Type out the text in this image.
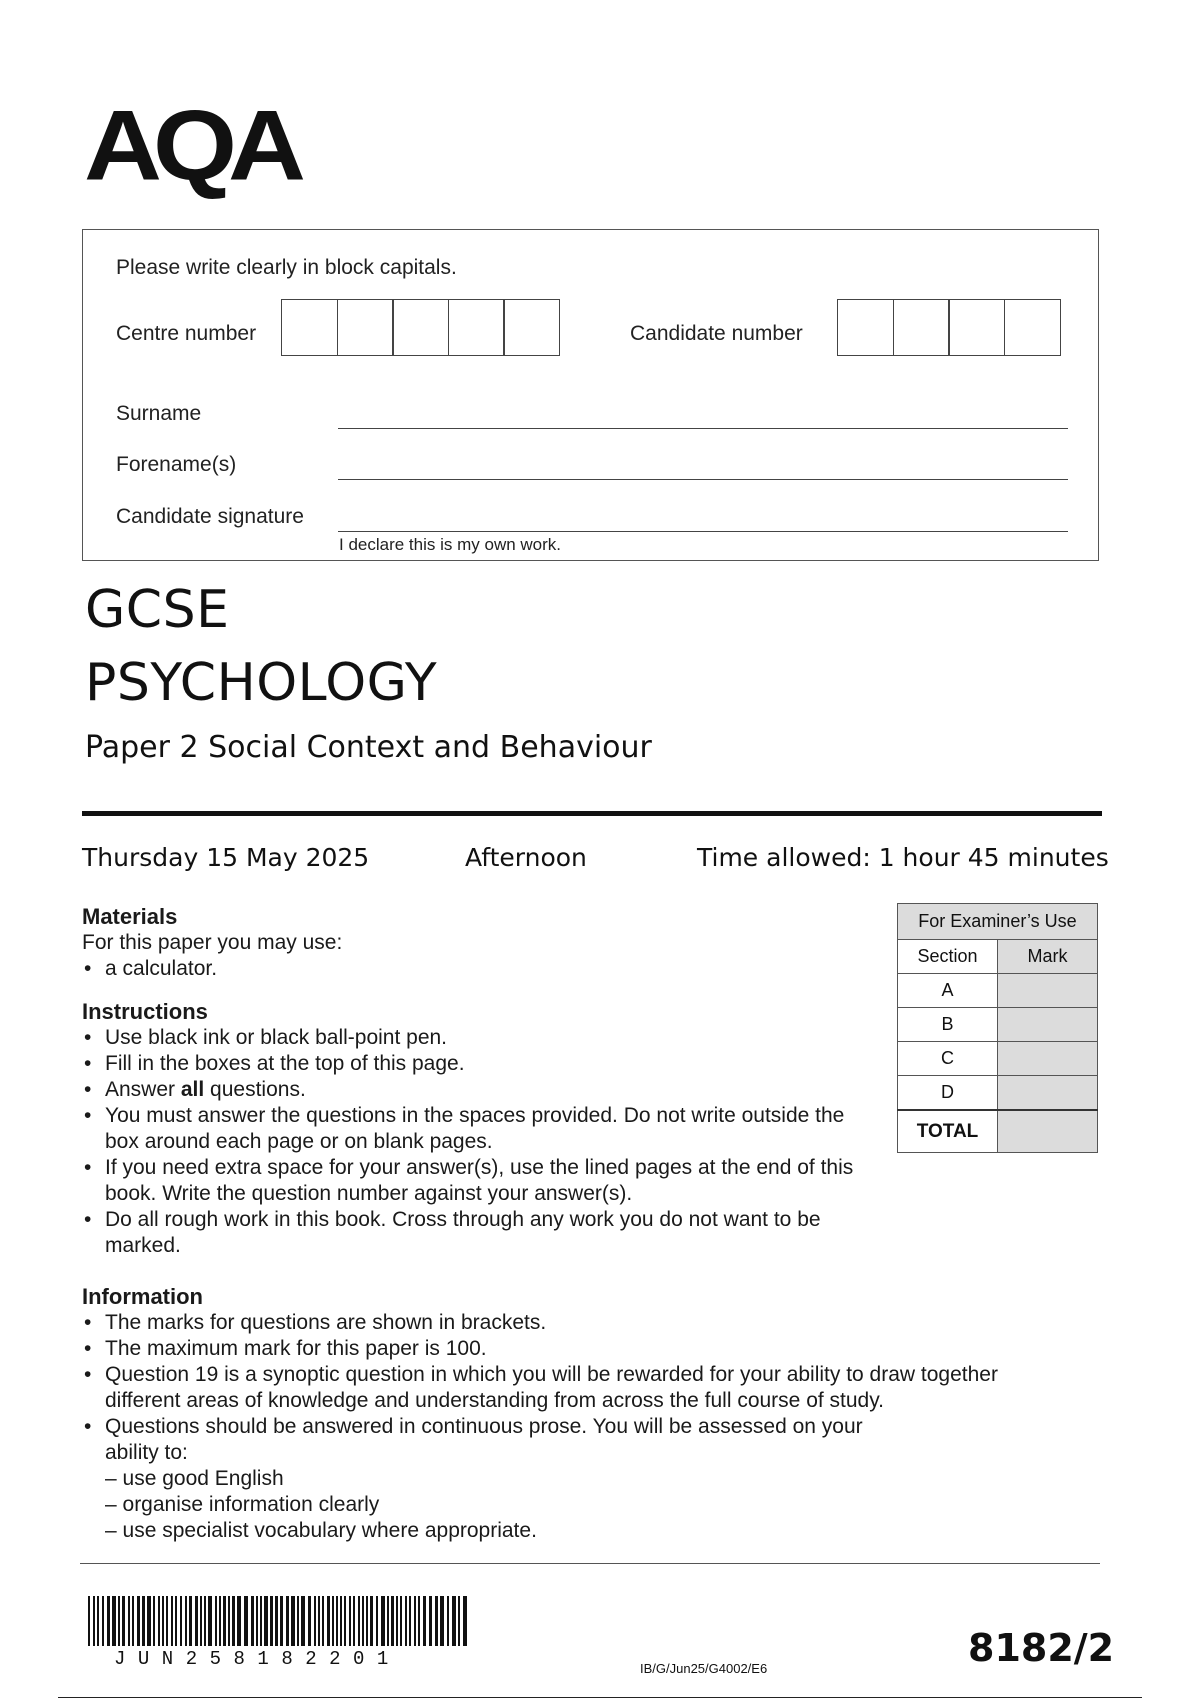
AQA
Please write clearly in block capitals.
Centre number	Candidate number
Surname
Forename(s)
Candidate signature
I declare this is my own work.
GCSE
PSYCHOLOGY
Paper 2 Social Context and Behaviour
Thursday 15 May 2025	Afternoon	Time allowed: 1 hour 45 minutes
Materials
For this paper you may use:
• a calculator.
Instructions
• Use black ink or black ball-point pen.
• Fill in the boxes at the top of this page.
• Answer all questions.
• You must answer the questions in the spaces provided. Do not write outside the box around each page or on blank pages.
• If you need extra space for your answer(s), use the lined pages at the end of this book. Write the question number against your answer(s).
• Do all rough work in this book. Cross through any work you do not want to be marked.
Information
• The marks for questions are shown in brackets.
• The maximum mark for this paper is 100.
• Question 19 is a synoptic question in which you will be rewarded for your ability to draw together different areas of knowledge and understanding from across the full course of study.
• Questions should be answered in continuous prose. You will be assessed on your ability to:
– use good English
– organise information clearly
– use specialist vocabulary where appropriate.
For Examiner’s Use	
Section	Mark
A	
B	
C	
D	
TOTAL	
JUN258182201	IB/G/Jun25/G4002/E6	8182/2
